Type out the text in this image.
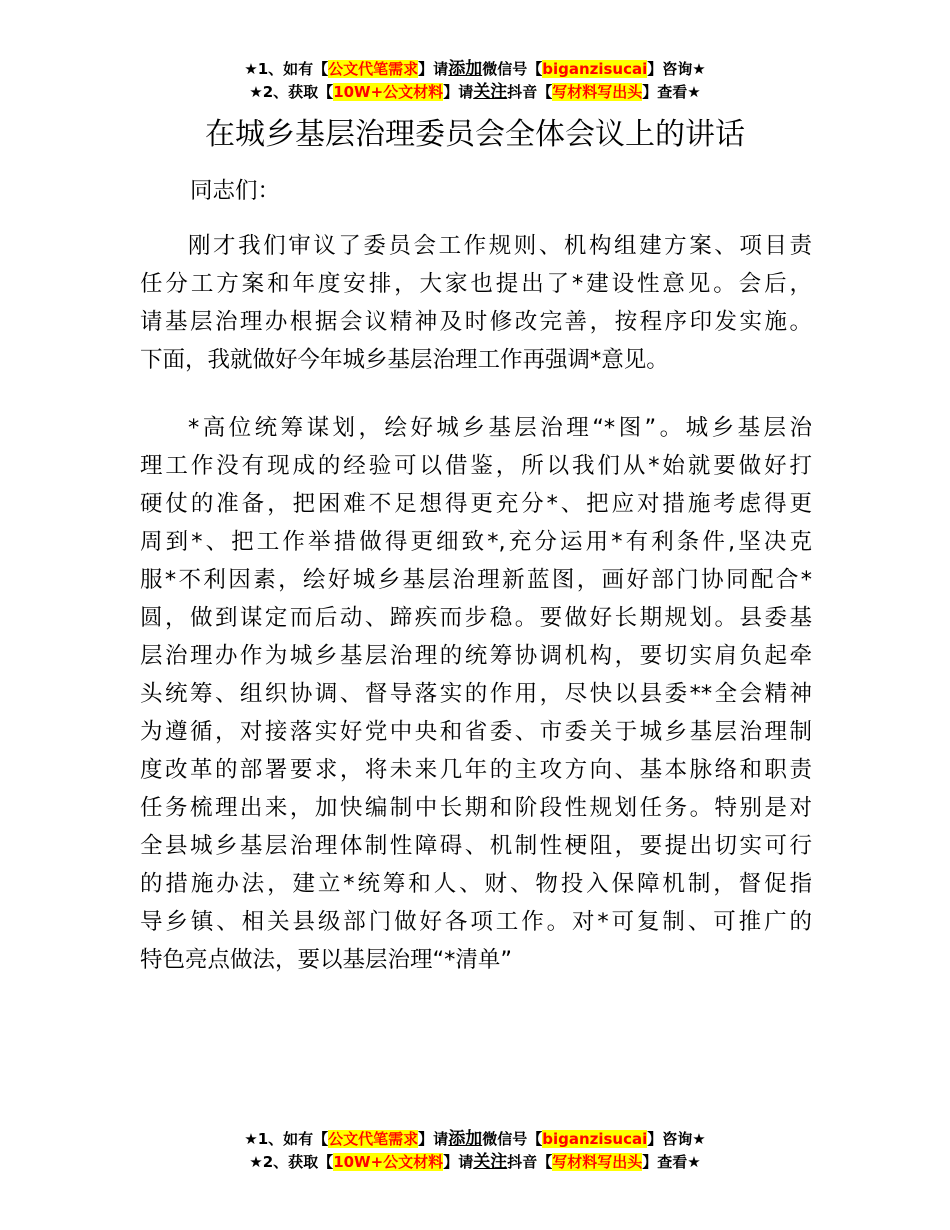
★1、如有【公文代笔需求】请添加微信号【biganzisucai】咨询★
★2、获取【10W+公文材料】请关注抖音【写材料写出头】查看★
在城乡基层治理委员会全体会议上的讲话
同志们：
刚才我们审议了委员会工作规则、机构组建方案、项目责
任分工方案和年度安排，大家也提出了*建设性意见。会后，
请基层治理办根据会议精神及时修改完善，按程序印发实施。
下面，我就做好今年城乡基层治理工作再强调*意见。
*高位统筹谋划，绘好城乡基层治理“*图”。城乡基层治
理工作没有现成的经验可以借鉴，所以我们从*始就要做好打
硬仗的准备，把困难不足想得更充分*、把应对措施考虑得更
周到*、把工作举措做得更细致*,充分运用*有利条件,坚决克
服*不利因素，绘好城乡基层治理新蓝图，画好部门协同配合*
圆，做到谋定而后动、蹄疾而步稳。要做好长期规划。县委基
层治理办作为城乡基层治理的统筹协调机构，要切实肩负起牵
头统筹、组织协调、督导落实的作用，尽快以县委**全会精神
为遵循，对接落实好党中央和省委、市委关于城乡基层治理制
度改革的部署要求，将未来几年的主攻方向、基本脉络和职责
任务梳理出来，加快编制中长期和阶段性规划任务。特别是对
全县城乡基层治理体制性障碍、机制性梗阻，要提出切实可行
的措施办法，建立*统筹和人、财、物投入保障机制，督促指
导乡镇、相关县级部门做好各项工作。对*可复制、可推广的
特色亮点做法，要以基层治理“*清单”
★1、如有【公文代笔需求】请添加微信号【biganzisucai】咨询★
★2、获取【10W+公文材料】请关注抖音【写材料写出头】查看★
